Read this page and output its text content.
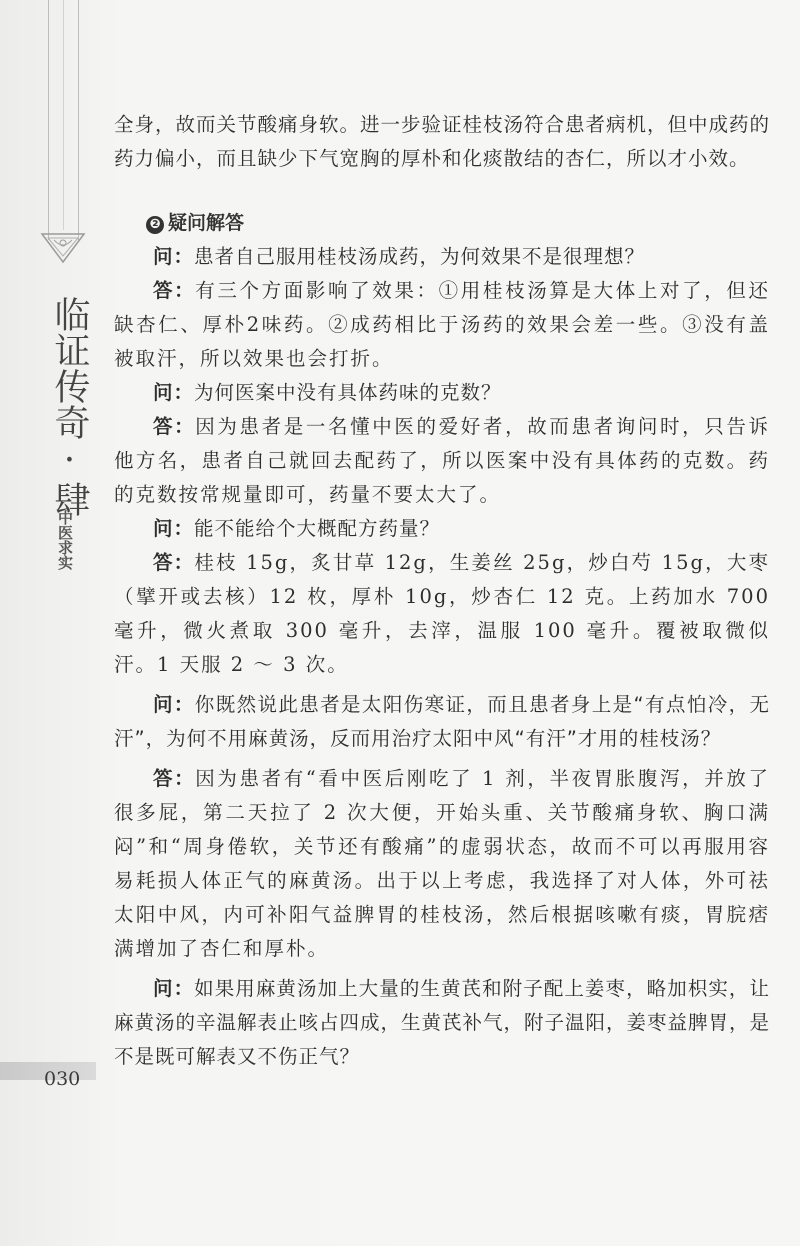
临证传奇·肆
中医求实
030

全身，故而关节酸痛身软。进一步验证桂枝汤符合患者病机，但中成药的药力偏小，而且缺少下气宽胸的厚朴和化痰散结的杏仁，所以才小效。

❷ 疑问解答

问：患者自己服用桂枝汤成药，为何效果不是很理想？

答：有三个方面影响了效果：①用桂枝汤算是大体上对了，但还缺杏仁、厚朴2味药。②成药相比于汤药的效果会差一些。③没有盖被取汗，所以效果也会打折。

问：为何医案中没有具体药味的克数？

答：因为患者是一名懂中医的爱好者，故而患者询问时，只告诉他方名，患者自己就回去配药了，所以医案中没有具体药的克数。药的克数按常规量即可，药量不要太大了。

问：能不能给个大概配方药量？

答：桂枝 15g，炙甘草 12g，生姜丝 25g，炒白芍 15g，大枣（擘开或去核）12 枚，厚朴 10g，炒杏仁 12 克。上药加水 700 毫升，微火煮取 300 毫升，去滓，温服 100 毫升。覆被取微似汗。1 天服 2 ～ 3 次。

问：你既然说此患者是太阳伤寒证，而且患者身上是“有点怕冷，无汗”，为何不用麻黄汤，反而用治疗太阳中风“有汗”才用的桂枝汤？

答：因为患者有“看中医后刚吃了 1 剂，半夜胃胀腹泻，并放了很多屁，第二天拉了 2 次大便，开始头重、关节酸痛身软、胸口满闷”和“周身倦软，关节还有酸痛”的虚弱状态，故而不可以再服用容易耗损人体正气的麻黄汤。出于以上考虑，我选择了对人体，外可祛太阳中风，内可补阳气益脾胃的桂枝汤，然后根据咳嗽有痰，胃脘痞满增加了杏仁和厚朴。

问：如果用麻黄汤加上大量的生黄芪和附子配上姜枣，略加枳实，让麻黄汤的辛温解表止咳占四成，生黄芪补气，附子温阳，姜枣益脾胃，是不是既可解表又不伤正气？
